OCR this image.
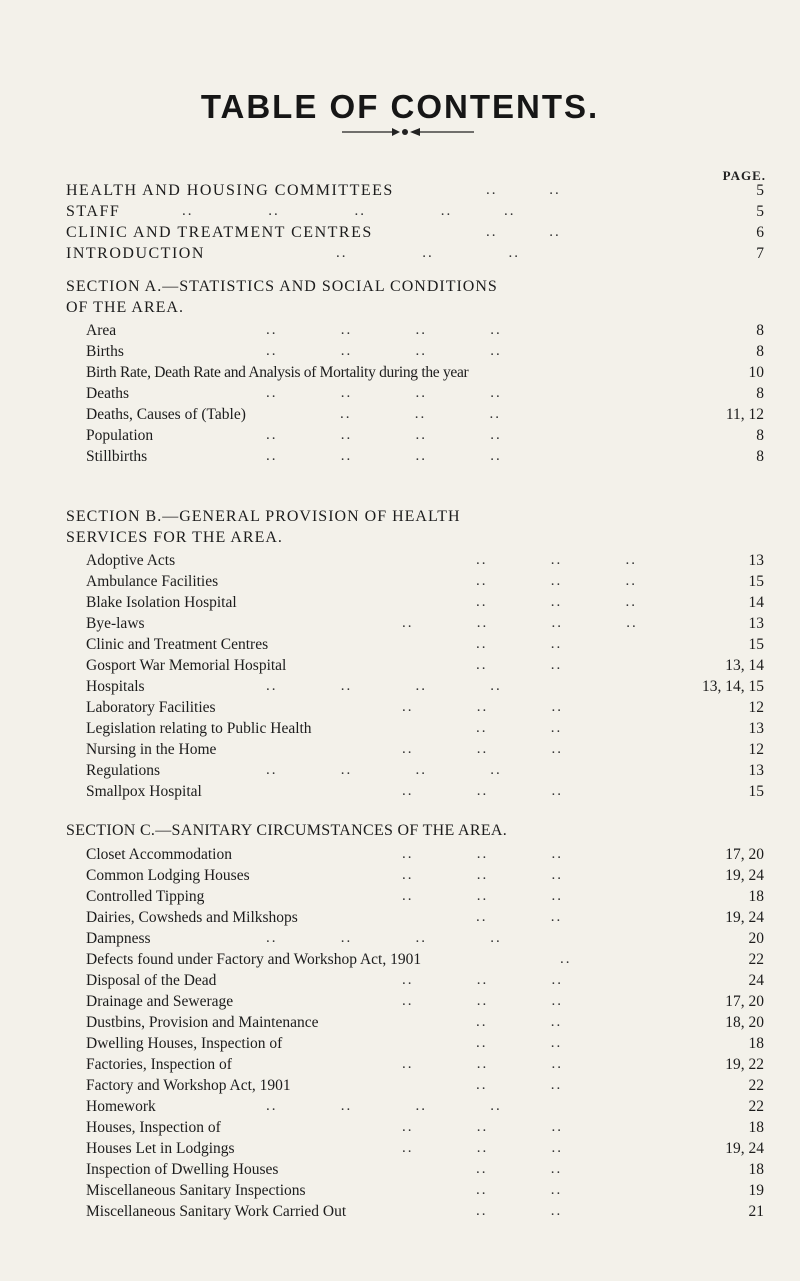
TABLE OF CONTENTS.
PAGE.
HEALTH AND HOUSING COMMITTEES	..         ..	5
STAFF	..             ..             ..             ..         ..	5
CLINIC AND TREATMENT CENTRES	..         ..	6
INTRODUCTION	..             ..             ..	7
SECTION A.—STATISTICS AND SOCIAL CONDITIONS
OF THE AREA.
Area	..           ..           ..           ..	8
Births	..           ..           ..           ..	8
Birth Rate, Death Rate and Analysis of Mortality during the year	10
Deaths	..           ..           ..           ..	8
Deaths, Causes of (Table)	..           ..           ..	11, 12
Population	..           ..           ..           ..	8
Stillbirths	..           ..           ..           ..	8
SECTION B.—GENERAL PROVISION OF HEALTH
SERVICES FOR THE AREA.
Adoptive Acts	..           ..           ..	13
Ambulance Facilities	..           ..           ..	15
Blake Isolation Hospital	..           ..           ..	14
Bye-laws	..           ..           ..           ..	13
Clinic and Treatment Centres	..           ..	15
Gosport War Memorial Hospital	..           ..	13, 14
Hospitals	..           ..           ..           ..	13, 14, 15
Laboratory Facilities	..           ..           ..	12
Legislation relating to Public Health	..           ..	13
Nursing in the Home	..           ..           ..	12
Regulations	..           ..           ..           ..	13
Smallpox Hospital	..           ..           ..	15
SECTION C.—SANITARY CIRCUMSTANCES OF THE AREA.
Closet Accommodation	..           ..           ..	17, 20
Common Lodging Houses	..           ..           ..	19, 24
Controlled Tipping	..           ..           ..	18
Dairies, Cowsheds and Milkshops	..           ..	19, 24
Dampness	..           ..           ..           ..	20
Defects found under Factory and Workshop Act, 1901	..	22
Disposal of the Dead	..           ..           ..	24
Drainage and Sewerage	..           ..           ..	17, 20
Dustbins, Provision and Maintenance	..           ..	18, 20
Dwelling Houses, Inspection of	..           ..	18
Factories, Inspection of	..           ..           ..	19, 22
Factory and Workshop Act, 1901	..           ..	22
Homework	..           ..           ..           ..	22
Houses, Inspection of	..           ..           ..	18
Houses Let in Lodgings	..           ..           ..	19, 24
Inspection of Dwelling Houses	..           ..	18
Miscellaneous Sanitary Inspections	..           ..	19
Miscellaneous Sanitary Work Carried Out	..           ..	21
